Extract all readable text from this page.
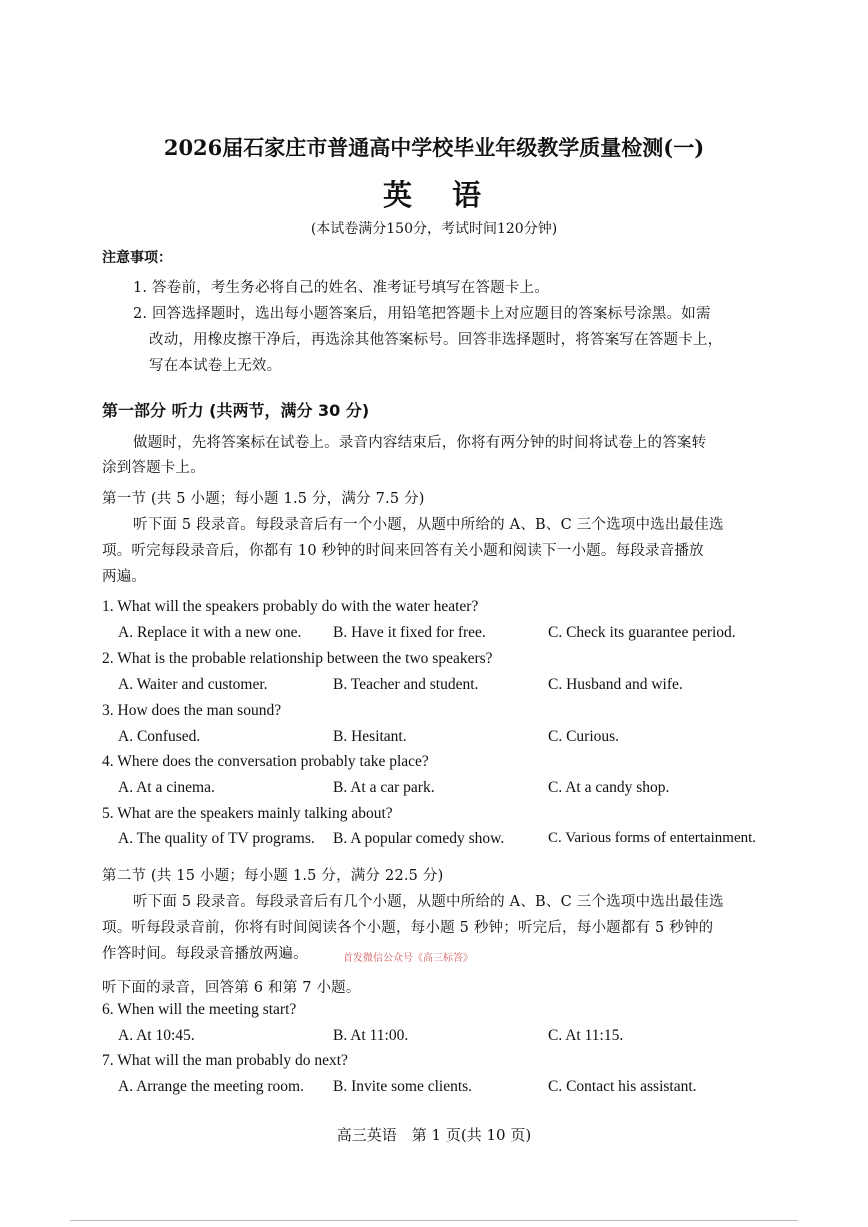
2026届石家庄市普通高中学校毕业年级教学质量检测(一)
英 语
(本试卷满分150分，考试时间120分钟)
注意事项：
1. 答卷前，考生务必将自己的姓名、准考证号填写在答题卡上。
2. 回答选择题时，选出每小题答案后，用铅笔把答题卡上对应题目的答案标号涂黑。如需
改动，用橡皮擦干净后，再选涂其他答案标号。回答非选择题时，将答案写在答题卡上，
写在本试卷上无效。
第一部分 听力 (共两节，满分 30 分)
做题时，先将答案标在试卷上。录音内容结束后，你将有两分钟的时间将试卷上的答案转
涂到答题卡上。
第一节 (共 5 小题；每小题 1.5 分，满分 7.5 分)
听下面 5 段录音。每段录音后有一个小题，从题中所给的 A、B、C 三个选项中选出最佳选
项。听完每段录音后，你都有 10 秒钟的时间来回答有关小题和阅读下一小题。每段录音播放
两遍。
1. What will the speakers probably do with the water heater?
A. Replace it with a new one. B. Have it fixed for free.	C. Check its guarantee period.
2. What is the probable relationship between the two speakers?
A. Waiter and customer.	B. Teacher and student.	C. Husband and wife.
3. How does the man sound?
A. Confused.	B. Hesitant.	C. Curious.
4. Where does the conversation probably take place?
A. At a cinema.	B. At a car park.	C. At a candy shop.
5. What are the speakers mainly talking about?
A. The quality of TV programs. B. A popular comedy show.	C. Various forms of entertainment.
第二节 (共 15 小题；每小题 1.5 分，满分 22.5 分)
听下面 5 段录音。每段录音后有几个小题，从题中所给的 A、B、C 三个选项中选出最佳选
项。听每段录音前，你将有时间阅读各个小题，每小题 5 秒钟；听完后，每小题都有 5 秒钟的
作答时间。每段录音播放两遍。	首发微信公众号《高三标答》
听下面的录音，回答第 6 和第 7 小题。
6. When will the meeting start?
A. At 10:45.	B. At 11:00.	C. At 11:15.
7. What will the man probably do next?
A. Arrange the meeting room. B. Invite some clients.	C. Contact his assistant.
高三英语　第 1 页(共 10 页)
